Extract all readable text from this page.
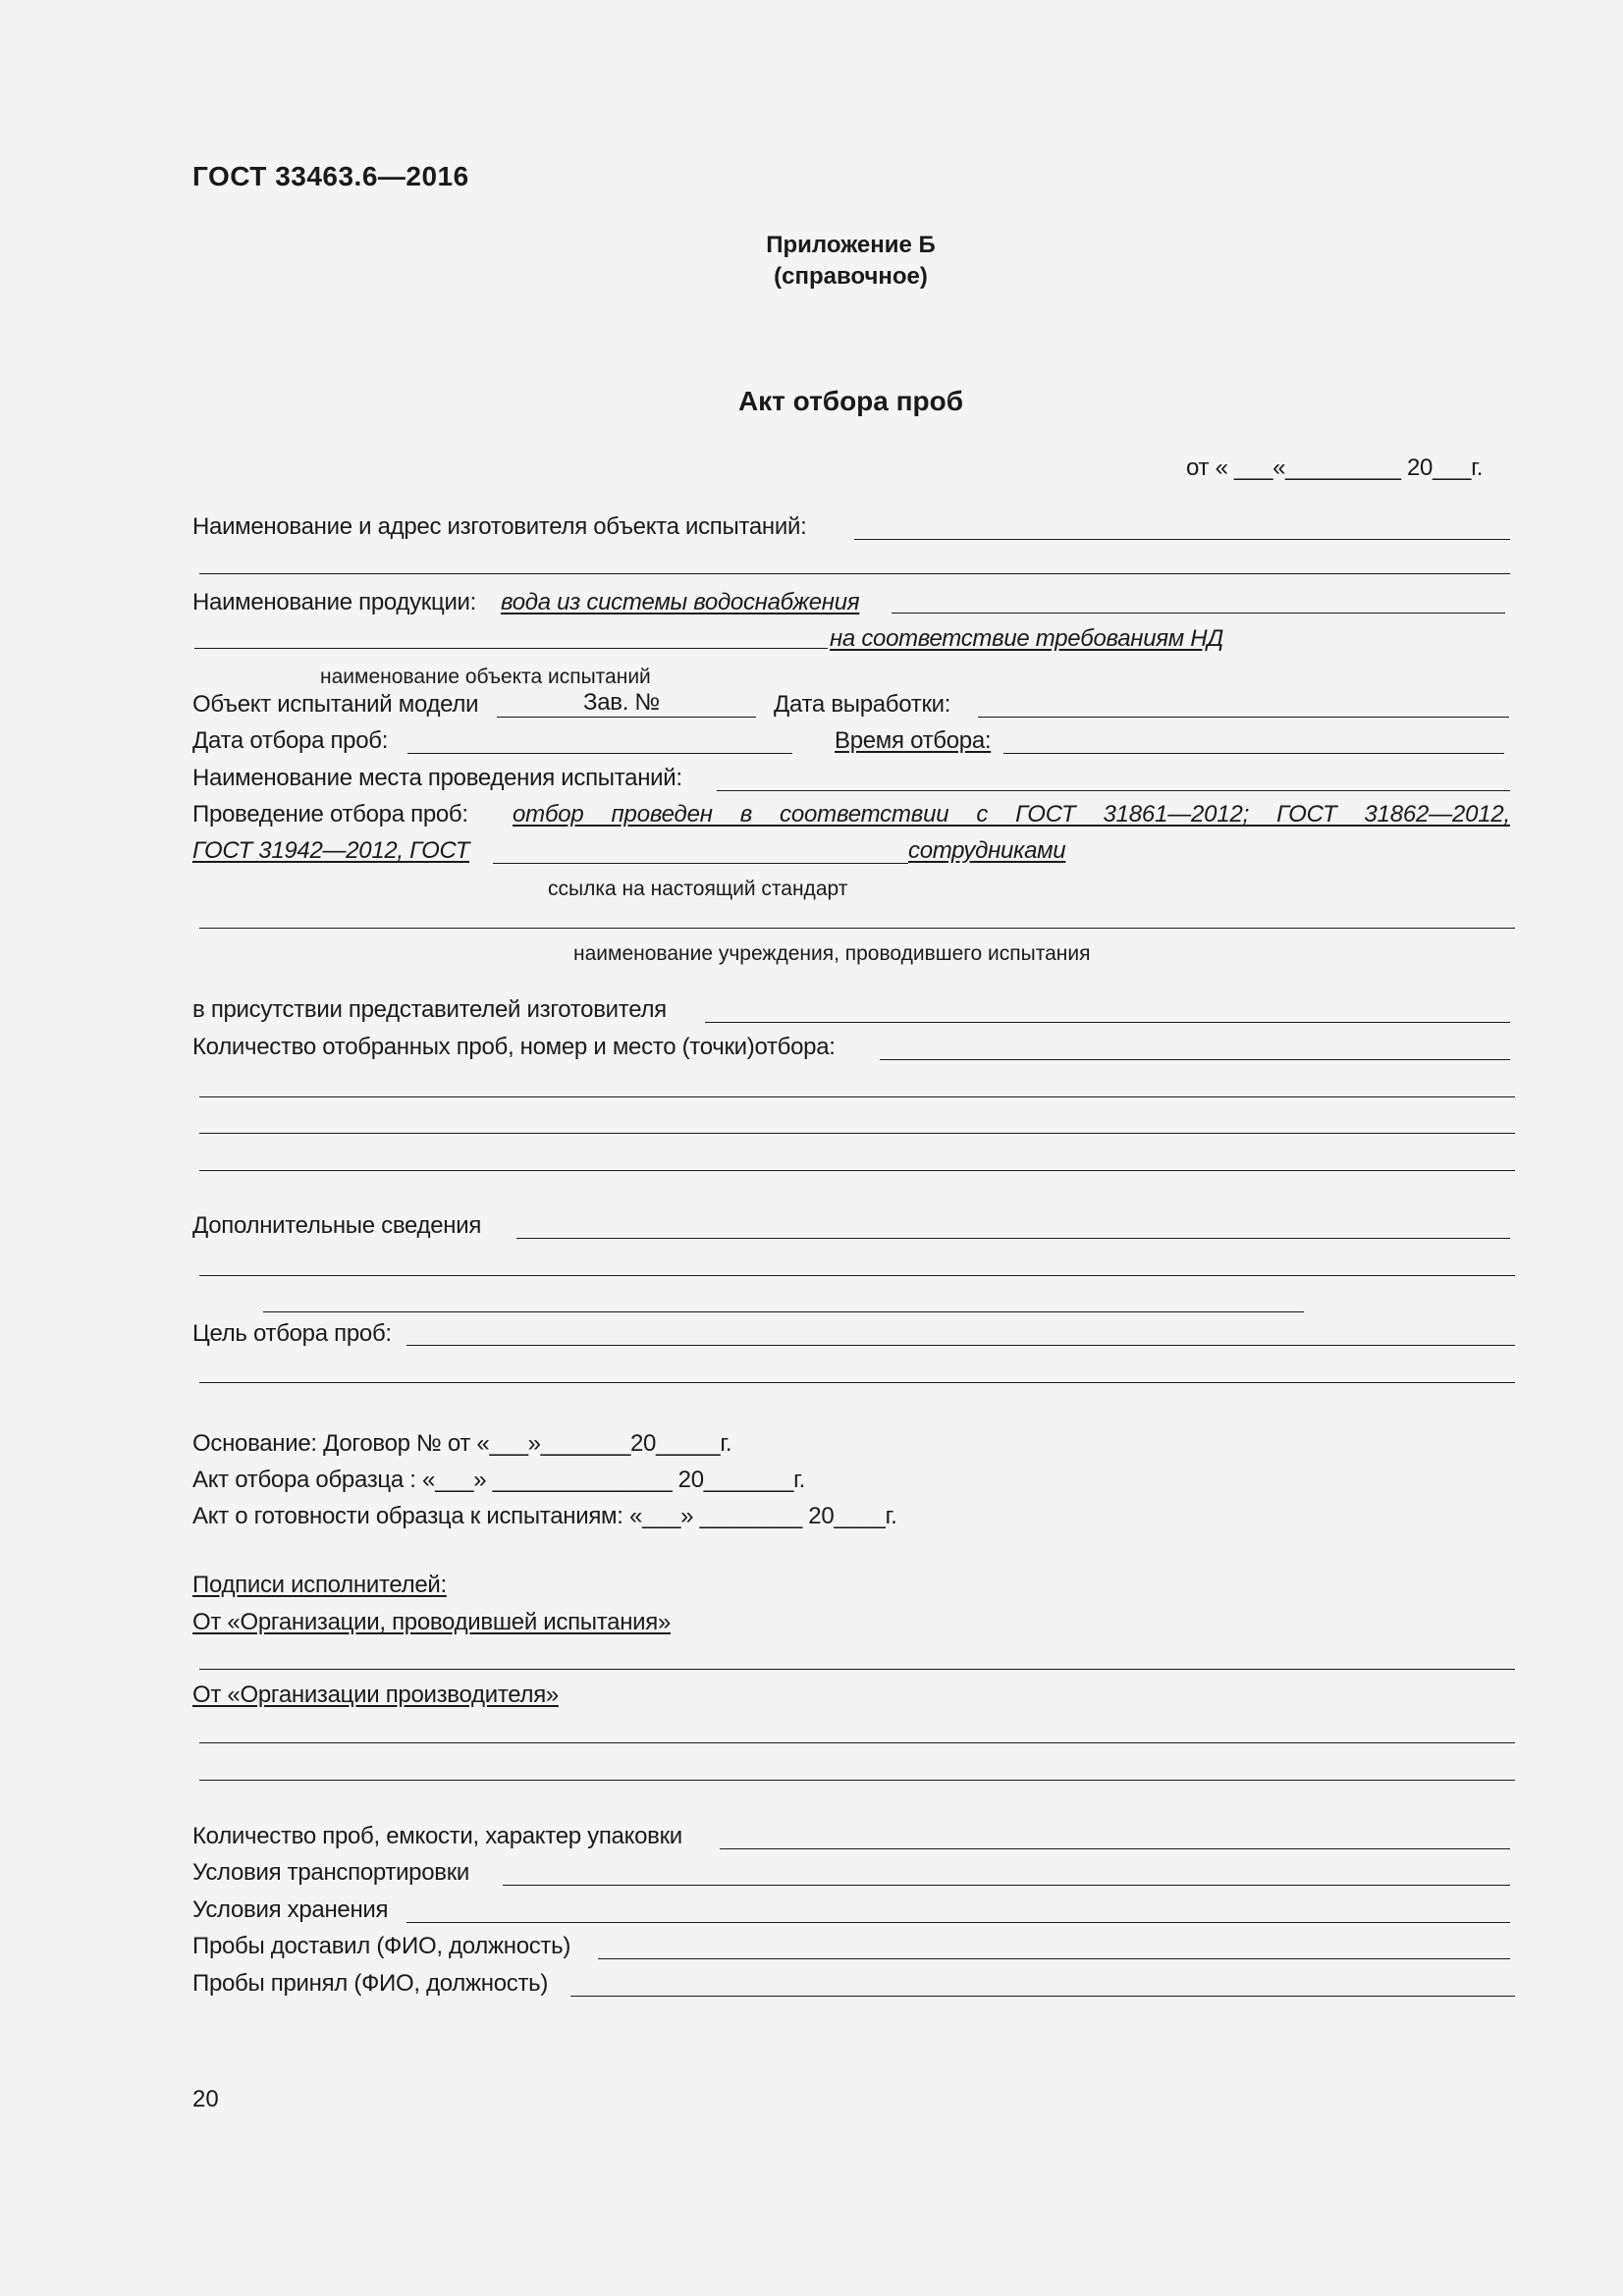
ГОСТ 33463.6—2016
Приложение Б
(справочное)
Акт отбора проб
от « ___«_________ 20___г.
Наименование и адрес изготовителя объекта испытаний:
Наименование продукции: вода из системы водоснабжения
на соответствие требованиям НД
наименование объекта испытаний
Объект испытаний модели	Зав. №	Дата выработки:
Дата отбора проб:	Время отбора:
Наименование места проведения испытаний:
Проведение отбора проб: отбор проведен в соответствии с ГОСТ 31861—2012; ГОСТ 31862—2012,
ГОСТ 31942—2012, ГОСТ	сотрудниками
ссылка на настоящий стандарт
наименование учреждения, проводившего испытания
в присутствии представителей изготовителя
Количество отобранных проб, номер и место (точки)отбора:
Дополнительные сведения
Цель отбора проб:
Основание: Договор № от «___»_______20_____г.
Акт отбора образца : «___» ______________ 20_______г.
Акт о готовности образца к испытаниям: «___» ________ 20____г.
Подписи исполнителей:
От «Организации, проводившей испытания»
От «Организации производителя»
Количество проб, емкости, характер упаковки
Условия транспортировки
Условия хранения
Пробы доставил (ФИО, должность)
Пробы принял (ФИО, должность)
20
